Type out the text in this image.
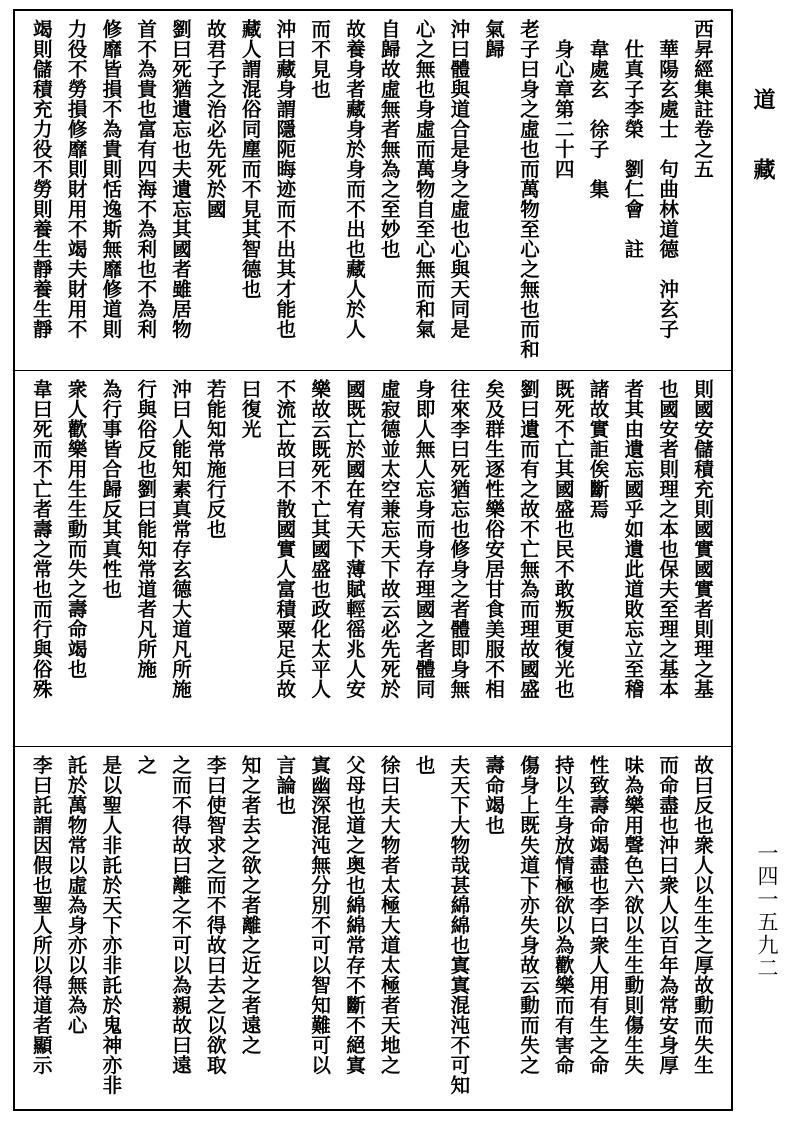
西昇經集註卷之五
　華陽玄處士　句曲林道德　沖玄子
　仕真子李榮　劉仁會　註
　韋處玄　徐子　集
　身心章第二十四
老子曰身之虛也而萬物至心之無也而和
氣歸
沖曰體與道合是身之虛也心與天同是
心之無也身虛而萬物自至心無而和氣
自歸故虛無者無為之至妙也
故養身者藏身於身而不出也藏人於人
而不見也
沖曰藏身謂隱阨晦迹而不出其才能也
藏人謂混俗同塵而不見其智德也
故君子之治必先死於國
劉曰死猶遺忘也夫遺忘其國者雖居物
首不為貴也富有四海不為利也不為利
修靡皆損不為貴則恬逸斯無靡修道則
力役不勞損修靡則財用不竭夫財用不
竭則儲積充力役不勞則養生靜養生靜
則國安儲積充則國實國實者則理之基
也國安者則理之本也保夫至理之基本
者其由遺忘國乎如遺此道敗忘立至稽
諸故實詎俟斷焉
既死不亡其國盛也民不敢叛更復光也
劉曰遺而有之故不亡無為而理故國盛
矣及群生逐性樂俗安居甘食美服不相
往來李曰死猶忘也修身之者體即身無
身即人無人忘身而身存理國之者體同
虛寂德並太空兼忘天下故云必先死於
國既亡於國在宥天下薄賦輕徭兆人安
樂故云既死不亡其國盛也政化太平人
不流亡故曰不散國實人富積粟足兵故
曰復光
若能知常施行反也
沖曰人能知素真常存玄德大道凡所施
行與俗反也劉曰能知常道者凡所施
為行事皆合歸反其真性也
衆人歡樂用生生動而失之壽命竭也
韋曰死而不亡者壽之常也而行與俗殊
故曰反也衆人以生生之厚故動而失生
而命盡也沖曰衆人以百年為常安身厚
味為樂用聲色六欲以生生動則傷生失
性致壽命竭盡也李曰衆人用有生之命
持以生身放情極欲以為歡樂而有害命
傷身上既失道下亦失身故云動而失之
壽命竭也
夫天下大物哉甚綿綿也寘寘混沌不可知
也
徐曰夫大物者太極大道太極者天地之
父母也道之奥也綿綿常存不斷不絕寘
寘幽深混沌無分別不可以智知難可以
言論也
知之者去之欲之者離之近之者遠之
李曰使智求之而不得故曰去之以欲取
之而不得故曰離之不可以為親故曰遠
之
是以聖人非託於天下亦非託於鬼神亦非
託於萬物常以虛為身亦以無為心
李曰託謂因假也聖人所以得道者顯示
道藏
一四一五九二
